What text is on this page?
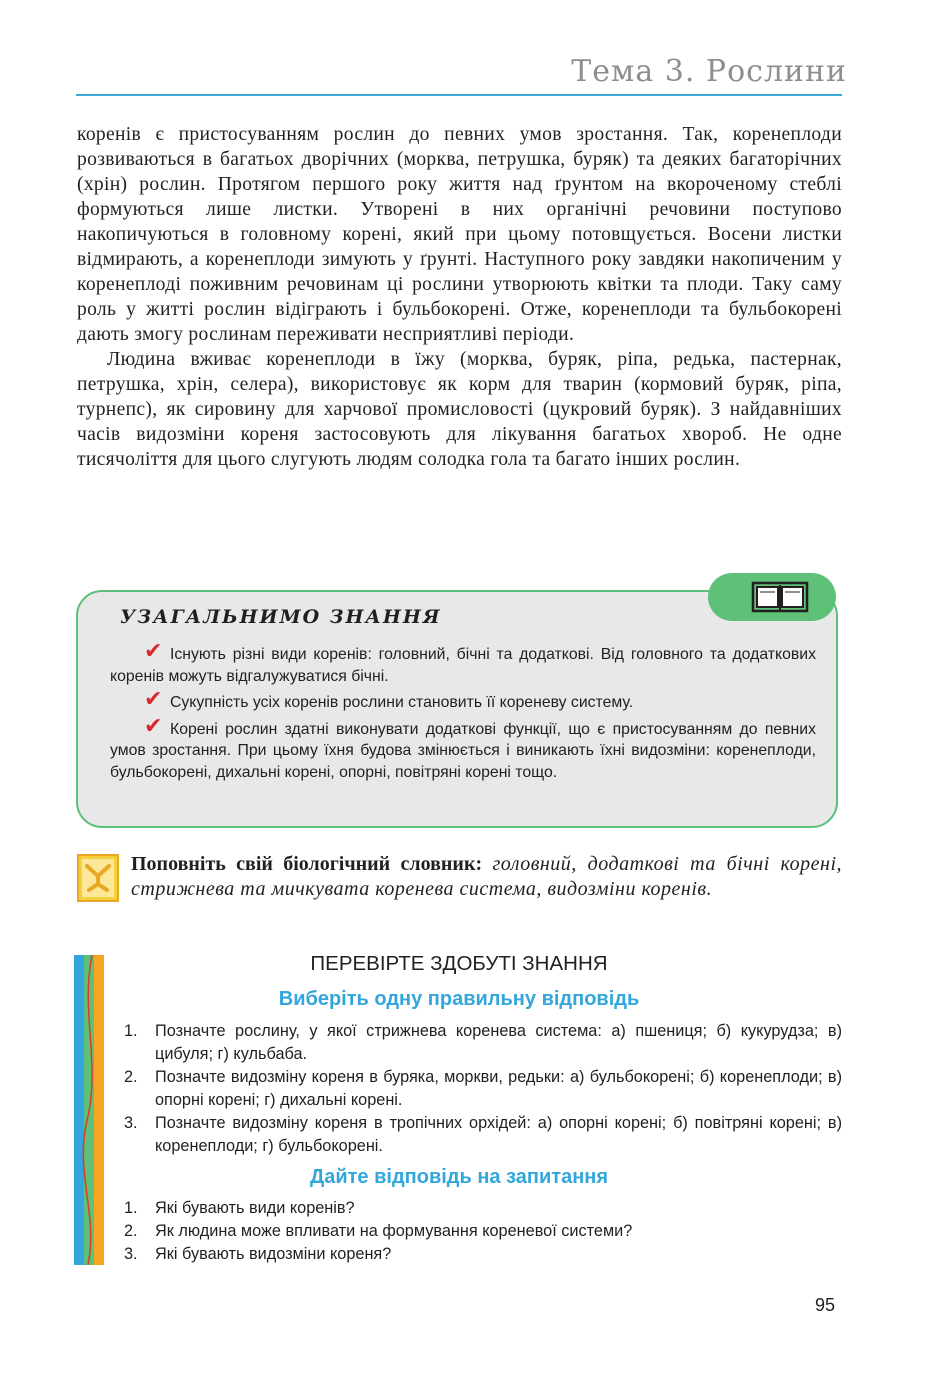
Тема 3. Рослини

коренів є пристосуванням рослин до певних умов зростання. Так, коренеплоди розвиваються в багатьох дворічних (морква, петрушка, буряк) та деяких багаторічних (хрін) рослин. Протягом першого року життя над ґрунтом на вкороченому стеблі формуються лише листки. Утворені в них органічні речовини поступово накопичуються в головному корені, який при цьому потовщується. Восени листки відмирають, а коренеплоди зимують у ґрунті. Наступного року завдяки накопиченим у коренеплоді поживним речовинам ці рослини утворюють квітки та плоди. Таку саму роль у житті рослин відіграють і бульбокорені. Отже, коренеплоди та бульбокорені дають змогу рослинам переживати несприятливі періоди.

Людина вживає коренеплоди в їжу (морква, буряк, ріпа, редька, пастернак, петрушка, хрін, селера), використовує як корм для тварин (кормовий буряк, ріпа, турнепс), як сировину для харчової промисловості (цукровий буряк). З найдавніших часів видозміни кореня застосовують для лікування багатьох хвороб. Не одне тисячоліття для цього слугують людям солодка гола та багато інших рослин.

УЗАГАЛЬНИМО ЗНАННЯ
✔ Існують різні види коренів: головний, бічні та додаткові. Від головного та додаткових коренів можуть відгалужуватися бічні.
✔ Сукупність усіх коренів рослини становить її кореневу систему.
✔ Корені рослин здатні виконувати додаткові функції, що є пристосуванням до певних умов зростання. При цьому їхня будова змінюється і виникають їхні видозміни: коренеплоди, бульбокорені, дихальні корені, опорні, повітряні корені тощо.
Поповніть свій біологічний словник: головний, додаткові та бічні корені, стрижнева та мичкувата коренева система, видозміни коренів.
ПЕРЕВІРТЕ ЗДОБУТІ ЗНАННЯ
Виберіть одну правильну відповідь
1.	Позначте рослину, у якої стрижнева коренева система: а) пшениця; б) кукурудза; в) цибуля; г) кульбаба.
2.	Позначте видозміну кореня в буряка, моркви, редьки: а) бульбокорені; б) коренеплоди; в) опорні корені; г) дихальні корені.
3.	Позначте видозміну кореня в тропічних орхідей: а) опорні корені; б) повітряні корені; в) коренеплоди; г) бульбокорені.
Дайте відповідь на запитання
1.	Які бувають види коренів?
2.	Як людина може впливати на формування кореневої системи?
3.	Які бувають видозміни кореня?
95
